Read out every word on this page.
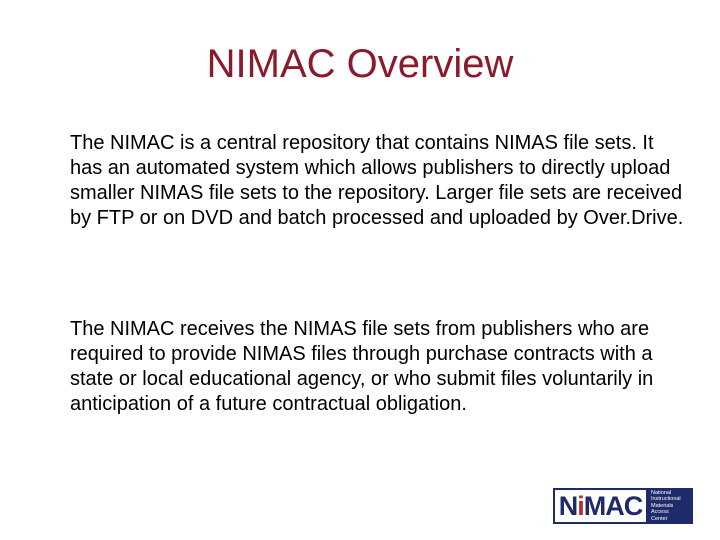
NIMAC Overview

The NIMAC is a central repository that contains NIMAS file sets. It has an automated system which allows publishers to directly upload smaller NIMAS file sets to the repository. Larger file sets are received by FTP or on DVD and batch processed and uploaded by Over.Drive.

The NIMAC receives the NIMAS file sets from publishers who are required to provide NIMAS files through purchase contracts with a state or local educational agency, or who submit files voluntarily in anticipation of a future contractual obligation.

N i MAC National
Instructional
Materials
Access
Center
